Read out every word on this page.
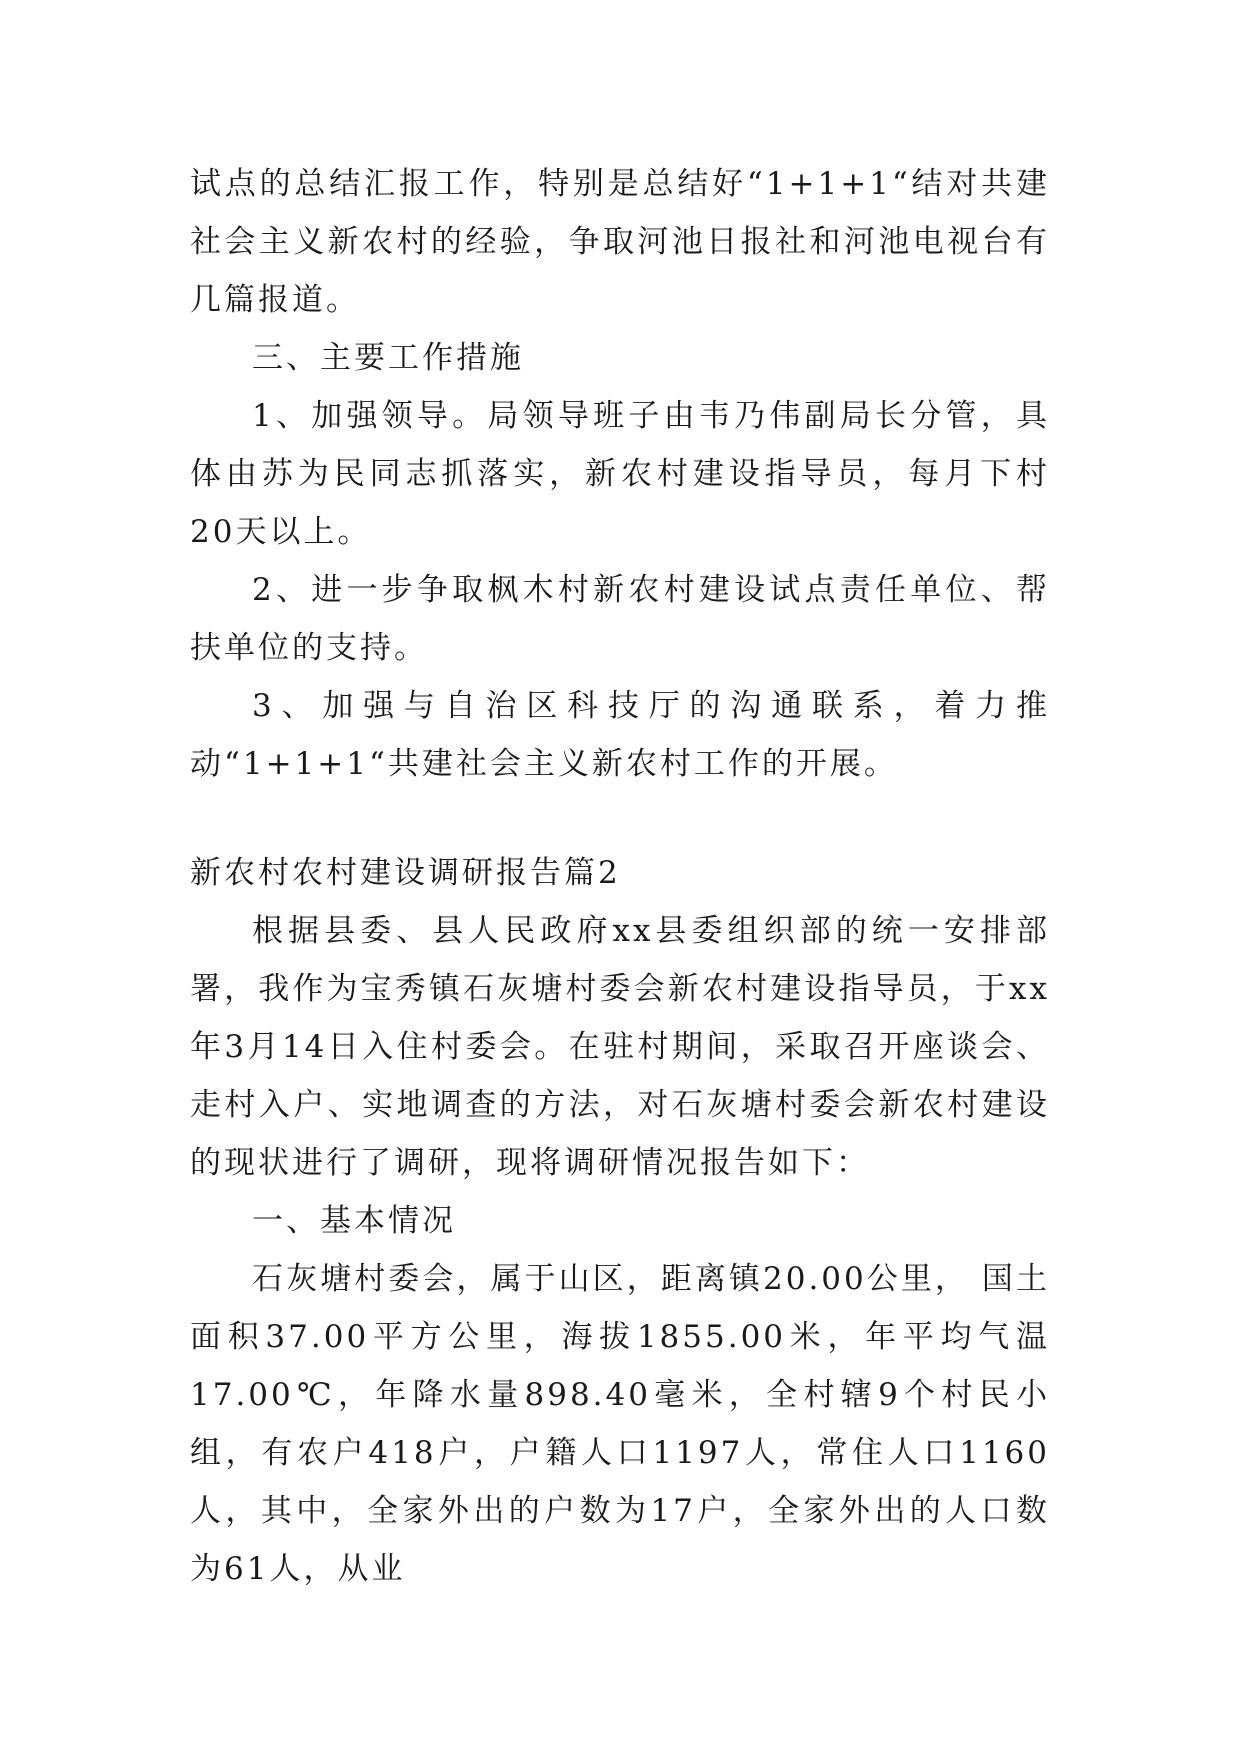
试点的总结汇报工作，特别是总结好“1+1+1“结对共建社会主义新农村的经验，争取河池日报社和河池电视台有几篇报道。

三、主要工作措施

1、加强领导。局领导班子由韦乃伟副局长分管，具体由苏为民同志抓落实，新农村建设指导员，每月下村20天以上。

2、进一步争取枫木村新农村建设试点责任单位、帮扶单位的支持。

3、加强与自治区科技厅的沟通联系，着力推动“1+1+1“共建社会主义新农村工作的开展。

新农村农村建设调研报告篇2

根据县委、县人民政府xx县委组织部的统一安排部署，我作为宝秀镇石灰塘村委会新农村建设指导员，于xx年3月14日入住村委会。在驻村期间，采取召开座谈会、走村入户、实地调查的方法，对石灰塘村委会新农村建设的现状进行了调研，现将调研情况报告如下：

一、基本情况

石灰塘村委会，属于山区，距离镇20.00公里， 国土面积37.00平方公里，海拔1855.00米，年平均气温17.00℃，年降水量898.40毫米，全村辖9个村民小组，有农户418户，户籍人口1197人，常住人口1160人，其中，全家外出的户数为17户，全家外出的人口数为61人，从业
